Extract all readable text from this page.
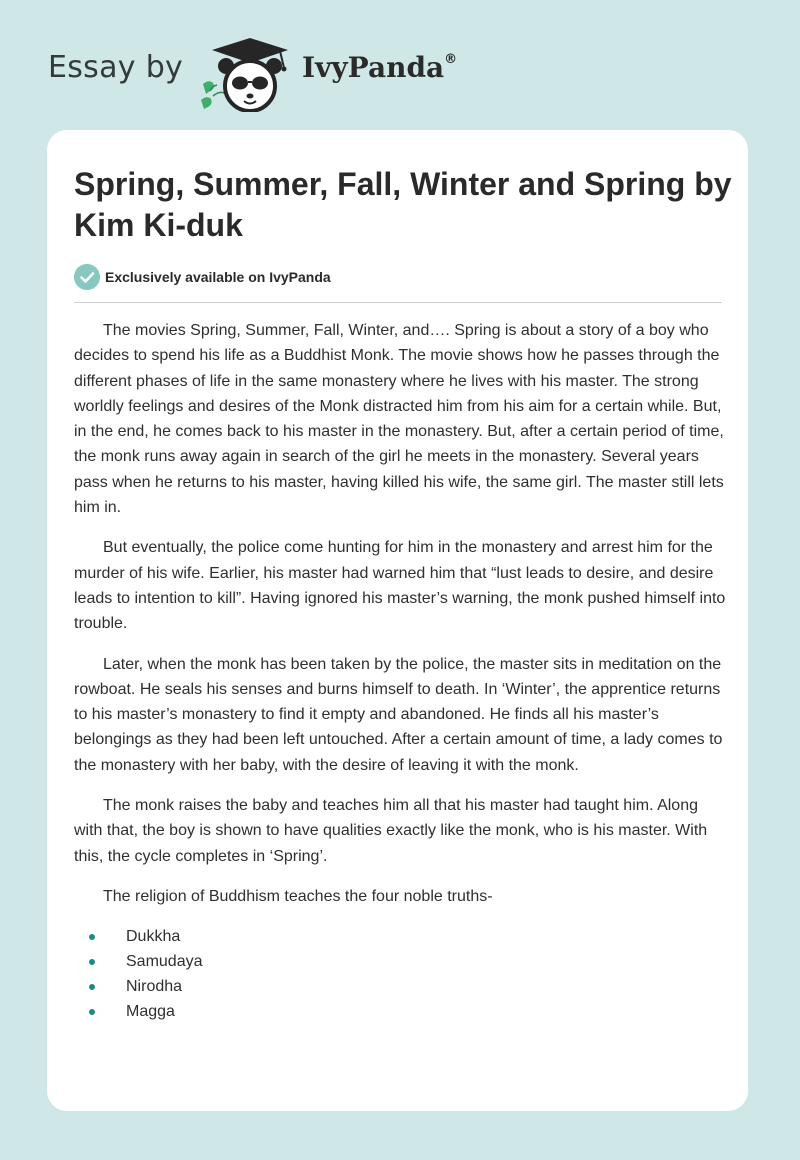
Essay by	IvyPanda®
Spring, Summer, Fall, Winter and Spring by Kim Ki-duk
Exclusively available on IvyPanda

The movies Spring, Summer, Fall, Winter, and…. Spring is about a story of a boy who decides to spend his life as a Buddhist Monk. The movie shows how he passes through the different phases of life in the same monastery where he lives with his master. The strong worldly feelings and desires of the Monk distracted him from his aim for a certain while. But, in the end, he comes back to his master in the monastery. But, after a certain period of time, the monk runs away again in search of the girl he meets in the monastery. Several years pass when he returns to his master, having killed his wife, the same girl. The master still lets him in.

But eventually, the police come hunting for him in the monastery and arrest him for the murder of his wife. Earlier, his master had warned him that “lust leads to desire, and desire leads to intention to kill”. Having ignored his master’s warning, the monk pushed himself into trouble.

Later, when the monk has been taken by the police, the master sits in meditation on the rowboat. He seals his senses and burns himself to death. In ‘Winter’, the apprentice returns to his master’s monastery to find it empty and abandoned. He finds all his master’s belongings as they had been left untouched. After a certain amount of time, a lady comes to the monastery with her baby, with the desire of leaving it with the monk.

The monk raises the baby and teaches him all that his master had taught him. Along with that, the boy is shown to have qualities exactly like the monk, who is his master. With this, the cycle completes in ‘Spring’.

The religion of Buddhism teaches the four noble truths-

Dukkha
Samudaya
Nirodha
Magga
